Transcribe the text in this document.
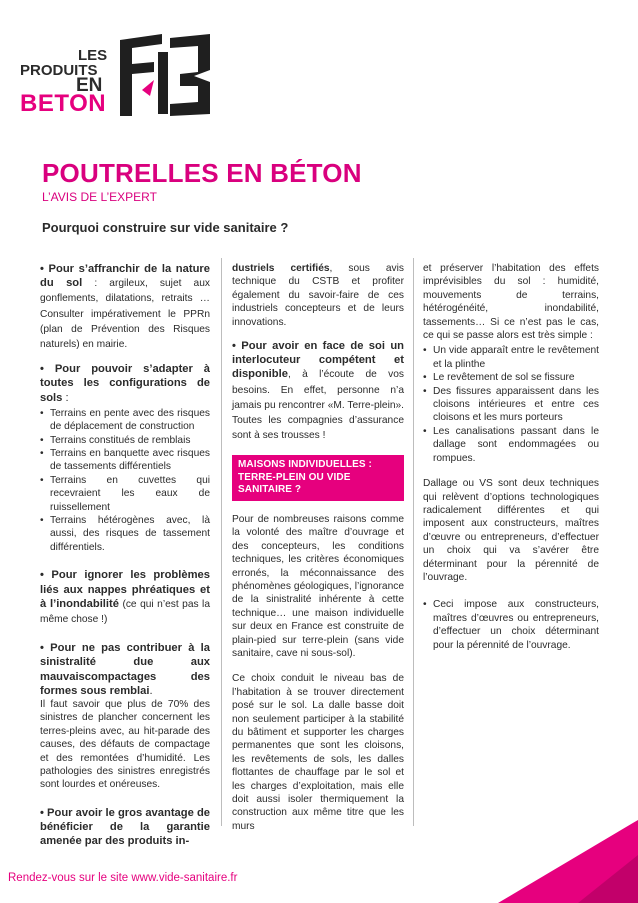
LES
PRODUITS
EN
BETON
POUTRELLES EN BÉTON
L’AVIS DE L’EXPERT
Pourquoi construire sur vide sanitaire ?

• Pour s’affranchir de la nature du sol : argileux, sujet aux gonflements, dilatations, retraits … Consulter impérativement le PPRn (plan de Prévention des Risques naturels) en mairie.

• Pour pouvoir s’adapter à toutes les configurations de sols :

• Terrains en pente avec des risques de déplacement de construction
• Terrains constitués de remblais
• Terrains en banquette avec risques de tassements différentiels
• Terrains en cuvettes qui recevraient les eaux de ruissellement
• Terrains hétérogènes avec, là aussi, des risques de tassement différentiels.

• Pour ignorer les problèmes liés aux nappes phréatiques et à l’inondabilité (ce qui n’est pas la même chose !)

• Pour ne pas contribuer à la sinistralité due aux mauvaiscompactages des formes sous remblai.

Il faut savoir que plus de 70% des sinistres de plancher concernent les terres-pleins avec, au hit-parade des causes, des défauts de compactage et des remontées d’humidité. Les pathologies des sinistres enregistrés sont lourdes et onéreuses.

• Pour avoir le gros avantage de bénéficier de la garantie amenée par des produits in-

dustriels certifiés, sous avis technique du CSTB et profiter également du savoir-faire de ces industriels concepteurs et de leurs innovations.

• Pour avoir en face de soi un interlocuteur compétent et disponible, à l’écoute de vos besoins. En effet, personne n’a jamais pu rencontrer «M. Terre-plein». Toutes les compagnies d’assurance sont à ses trousses !

MAISONS INDIVIDUELLES : TERRE-PLEIN OU VIDE SANITAIRE ?

Pour de nombreuses raisons comme la volonté des maître d’ouvrage et des concepteurs, les conditions techniques, les critères économiques erronés, la méconnaissance des phénomènes géologiques, l’ignorance de la sinistralité inhérente à cette technique… une maison individuelle sur deux en France est construite de plain-pied sur terre-plein (sans vide sanitaire, cave ni sous-sol).

Ce choix conduit le niveau bas de l’habitation à se trouver directement posé sur le sol. La dalle basse doit non seulement participer à la stabilité du bâtiment et supporter les charges permanentes que sont les cloisons, les revêtements de sols, les dalles flottantes de chauffage par le sol et les charges d’exploitation, mais elle doit aussi isoler thermiquement la construction aux même titre que les murs

et préserver l’habitation des effets imprévisibles du sol : humidité, mouvements de terrains, hétérogénéité, inondabilité, tassements… Si ce n’est pas le cas, ce qui se passe alors est très simple :

• Un vide apparaît entre le revêtement et la plinthe
• Le revêtement de sol se fissure
• Des fissures apparaissent dans les cloisons intérieures et entre ces cloisons et les murs porteurs
• Les canalisations passant dans le dallage sont endommagées ou rompues.

Dallage ou VS sont deux techniques qui relèvent d’options technologiques radicalement différentes et qui imposent aux constructeurs, maîtres d’œuvre ou entrepreneurs, d’effectuer un choix qui va s’avérer être déterminant pour la pérennité de l’ouvrage.

• Ceci impose aux constructeurs, maîtres d’œuvres ou entrepreneurs, d’effectuer un choix déterminant pour la pérennité de l’ouvrage.
Rendez-vous sur le site www.vide-sanitaire.fr
